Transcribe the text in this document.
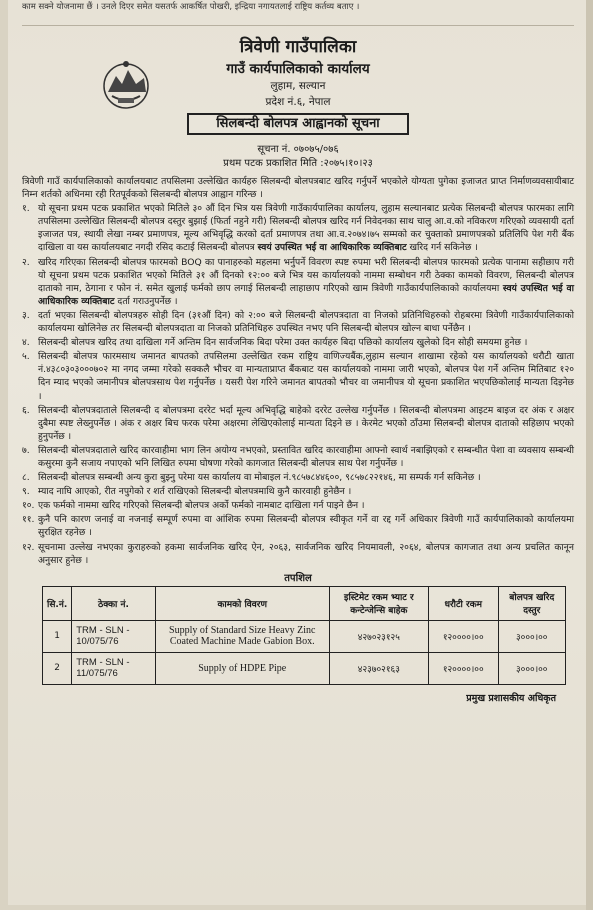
काम सक्ने योजनामा छैं । उनले दिएर समेत यसतर्फ आकर्षित पोखरी, इन्द्रिया नगायतलाई राष्ट्रिय कर्तव्य बताए ।
त्रिवेणी गाउँपालिका
गाउँ कार्यपालिकाको कार्यालय
लुहाम, सल्यान
प्रदेश नं.६, नेपाल
सिलबन्दी बोलपत्र आह्वानको सूचना
सूचना नं. ०७०७५/०७६
प्रथम पटक प्रकाशित मिति :२०७५।१०।२३

त्रिवेणी गाउँ कार्यपालिकाको कार्यालयबाट तपसिलमा उल्लेखित कार्यहरु सिलबन्दी बोलपत्रबाट खरिद गर्नुपर्ने भएकोले योग्यता पुगेका इजाजत प्राप्त निर्माणव्यवसायीबाट निम्न शर्तको अधिनमा रही रितपूर्वकको सिलबन्दी बोलपत्र आह्वान गरिन्छ ।

१. यो सूचना प्रथम पटक प्रकाशित भएको मितिले ३० औं दिन भित्र यस त्रिवेणी गाउँकार्यपालिका कार्यालय, लुहाम सल्यानबाट प्रत्येक सिलबन्दी बोलपत्र फारमका लागि तपसिलमा उल्लेखित सिलबन्दी बोलपत्र दस्तुर बुझाई (फिर्ता नहुने गरी) सिलबन्दी बोलपत्र खरिद गर्न निवेदनका साथ चालु आ.व.को नविकरण गरिएको व्यवसायी दर्ता इजाजत पत्र, स्थायी लेखा नम्बर प्रमाणपत्र, मूल्य अभिवृद्धि करको दर्ता प्रमाणपत्र तथा आ.व.२०७४।७५ सम्मको कर चुक्ताको प्रमाणपत्रको प्रतिलिपि पेश गरी बैंक दाखिला वा यस कार्यालयबाट नगदी रसिद कटाई सिलबन्दी बोलपत्र स्वयं उपस्थित भई वा आधिकारिक व्यक्तिबाट खरिद गर्न सकिनेछ ।
२. खरिद गरिएका सिलबन्दी बोलपत्र फारमको BOQ का पानाहरुको महलमा भर्नुपर्ने विवरण स्पष्ट रुपमा भरी सिलबन्दी बोलपत्र फारमको प्रत्येक पानामा सहीछाप गरी यो सूचना प्रथम पटक प्रकाशित भएको मितिले ३१ औं दिनको १२:०० बजे भित्र यस कार्यालयको नाममा सम्बोधन गरी ठेक्का कामको विवरण, सिलबन्दी बोलपत्र दाताको नाम, ठेगाना र फोन नं. समेत खुलाई फर्मको छाप लगाई सिलबन्दी लाहाछाप गरिएको खाम त्रिवेणी गाउँकार्यपालिकाको कार्यालयमा स्वयं उपस्थित भई वा आधिकारिक व्यक्तिबाट दर्ता गराउनुपर्नेछ ।
३. दर्ता भएका सिलबन्दी बोलपत्रहरु सोही दिन (३१औं दिन) को २:०० बजे सिलबन्दी बोलपत्रदाता वा निजको प्रतिनिधिहरुको रोहबरमा त्रिवेणी गाउँकार्यपालिकाको कार्यालयमा खोलिनेछ तर सिलबन्दी बोलपत्रदाता वा निजको प्रतिनिधिहरु उपस्थित नभए पनि सिलबन्दी बोलपत्र खोल्न बाधा पर्नेछैन ।
४. सिलबन्दी बोलपत्र खरिद तथा दाखिला गर्ने अन्तिम दिन सार्वजनिक बिदा परेमा उक्त कार्यहरु बिदा पछिको कार्यालय खुलेको दिन सोही समयमा हुनेछ ।
५. सिलबन्दी बोलपत्र फारमसाथ जमानत बापतको तपसिलमा उल्लेखित रकम राष्ट्रिय वाणिज्यबैंक,लुहाम सल्यान शाखामा रहेको यस कार्यालयको धरौटी खाता नं.४३८०३०३०००७०२ मा नगद जम्मा गरेको सक्कलै भौचर वा मान्यताप्राप्त बैंकबाट यस कार्यालयको नाममा जारी भएको, बोलपत्र पेश गर्ने अन्तिम मितिबाट १२० दिन म्याद भएको जमानीपत्र बोलपत्रसाथ पेश गर्नुपर्नेछ । यसरी पेश गरिने जमानत बापतको भौचर वा जमानीपत्र यो सूचना प्रकाशित भएपछिकोलाई मान्यता दिइनेछ ।
६. सिलबन्दी बोलपत्रदाताले सिलबन्दी द बोलपत्रमा दररेट भर्दा मूल्य अभिवृद्धि बाहेको दररेट उल्लेख गर्नुपर्नेछ । सिलबन्दी बोलपत्रमा आइटम बाइज दर अंक र अक्षर दुबैमा स्पष्ट लेख्नुपर्नेछ । अंक र अक्षर बिच फरक परेमा अक्षरमा लेखिएकोलाई मान्यता दिइने छ । केरमेट भएको ठाँउमा सिलबन्दी बोलपत्र दाताको सहिछाप भएको हुनुपर्नेछ ।
७. सिलबन्दी बोलपत्रदाताले खरिद कारवाहीमा भाग लिन अयोग्य नभएको, प्रस्तावित खरिद कारवाहीमा आफ्नो स्वार्थ नबाझिएको र सम्बन्धीत पेशा वा व्यवसाय सम्बन्धी कसुरमा कुनै सजाय नपाएको भनि लिखित रुपमा घोषणा गरेको कागजात सिलबन्दी बोलपत्र साथ पेश गर्नुपर्नेछ ।
८. सिलबन्दी बोलपत्र सम्बन्धी अन्य कुरा बुझ्नु परेमा यस कार्यालय वा मोबाइल नं.९८५७८४४६००, ९८५७८२२१४६, मा सम्पर्क गर्न सकिनेछ ।
९. म्याद नाघि आएको, रीत नपुगेको र शर्त राखिएको सिलबन्दी बोलपत्रमाथि कुनै कारवाही हुनेछैन ।
१०. एक फर्मको नाममा खरिद गरिएको सिलबन्दी बोलपत्र अर्को फर्मको नामबाट दाखिला गर्न पाइने छैन ।
११. कुनै पनि कारण जनाई वा नजनाई सम्पूर्ण रुपमा वा आंशिक रुपमा सिलबन्दी बोलपत्र स्वीकृत गर्ने वा रद्द गर्ने अधिकार त्रिवेणी गाउँ कार्यपालिकाको कार्यालयमा सुरक्षित रहनेछ ।
१२. सूचनामा उल्लेख नभएका कुराहरुको हकमा सार्वजनिक खरिद ऐन, २०६३, सार्वजनिक खरिद नियमावली, २०६४, बोलपत्र कागजात तथा अन्य प्रचलित कानून अनुसार हुनेछ ।
तपशिल
सि.नं.	ठेक्का नं.	कामको विवरण	इस्टिमेट रकम भ्याट र कन्टेन्जेन्सि बाहेक	धरौटी रकम	बोलपत्र खरिद दस्तुर
1	TRM - SLN - 10/075/76	Supply of Standard Size Heavy Zinc Coated Machine Made Gabion Box.	४२७०२३१२५	१२००००।००	३०००।००
2	TRM - SLN - 11/075/76	Supply of HDPE Pipe	४२३७०२१६३	१२००००।००	३०००।००
प्रमुख प्रशासकीय अधिकृत
